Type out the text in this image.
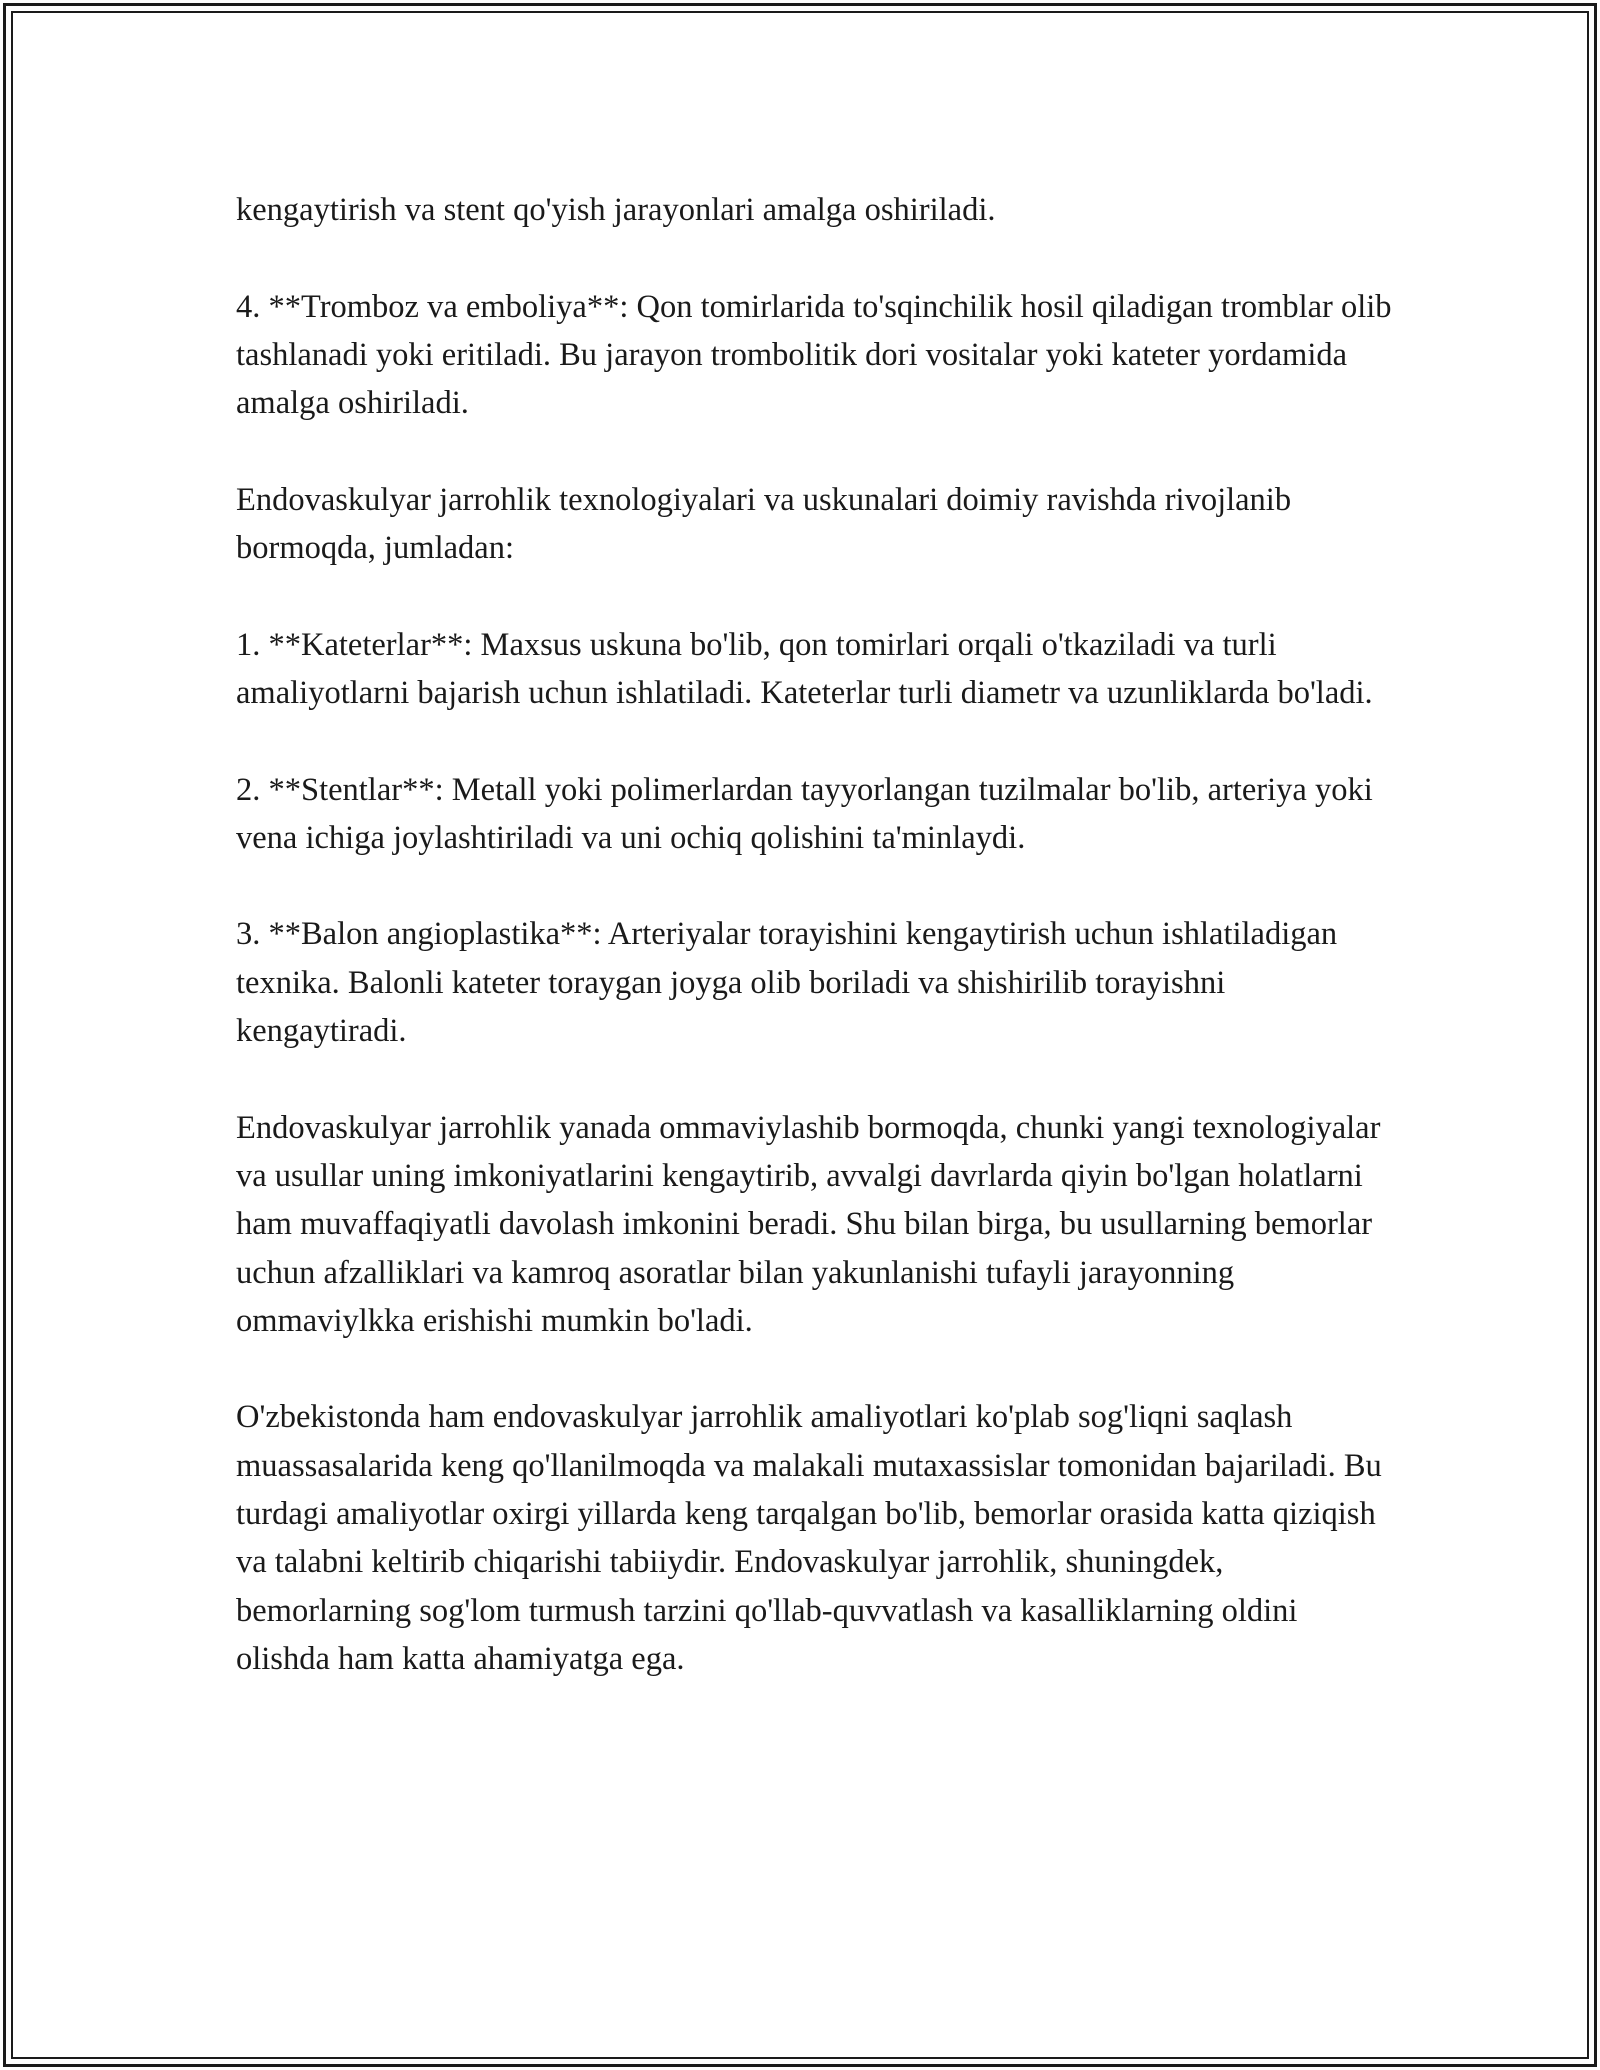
kengaytirish va stent qo'yish jarayonlari amalga oshiriladi.

4. **Tromboz va emboliya**: Qon tomirlarida to'sqinchilik hosil qiladigan tromblar olib tashlanadi yoki eritiladi. Bu jarayon trombolitik dori vositalar yoki kateter yordamida amalga oshiriladi.

Endovaskulyar jarrohlik texnologiyalari va uskunalari doimiy ravishda rivojlanib bormoqda, jumladan:

1. **Kateterlar**: Maxsus uskuna bo'lib, qon tomirlari orqali o'tkaziladi va turli amaliyotlarni bajarish uchun ishlatiladi. Kateterlar turli diametr va uzunliklarda bo'ladi.

2. **Stentlar**: Metall yoki polimerlardan tayyorlangan tuzilmalar bo'lib, arteriya yoki vena ichiga joylashtiriladi va uni ochiq qolishini ta'minlaydi.

3. **Balon angioplastika**: Arteriyalar torayishini kengaytirish uchun ishlatiladigan texnika. Balonli kateter toraygan joyga olib boriladi va shishirilib torayishni kengaytiradi.

Endovaskulyar jarrohlik yanada ommaviylashib bormoqda, chunki yangi texnologiyalar va usullar uning imkoniyatlarini kengaytirib, avvalgi davrlarda qiyin bo'lgan holatlarni ham muvaffaqiyatli davolash imkonini beradi. Shu bilan birga, bu usullarning bemorlar uchun afzalliklari va kamroq asoratlar bilan yakunlanishi tufayli jarayonning ommaviylkka erishishi mumkin bo'ladi.

O'zbekistonda ham endovaskulyar jarrohlik amaliyotlari ko'plab sog'liqni saqlash muassasalarida keng qo'llanilmoqda va malakali mutaxassislar tomonidan bajariladi. Bu turdagi amaliyotlar oxirgi yillarda keng tarqalgan bo'lib, bemorlar orasida katta qiziqish va talabni keltirib chiqarishi tabiiydir. Endovaskulyar jarrohlik, shuningdek, bemorlarning sog'lom turmush tarzini qo'llab-quvvatlash va kasalliklarning oldini olishda ham katta ahamiyatga ega.
